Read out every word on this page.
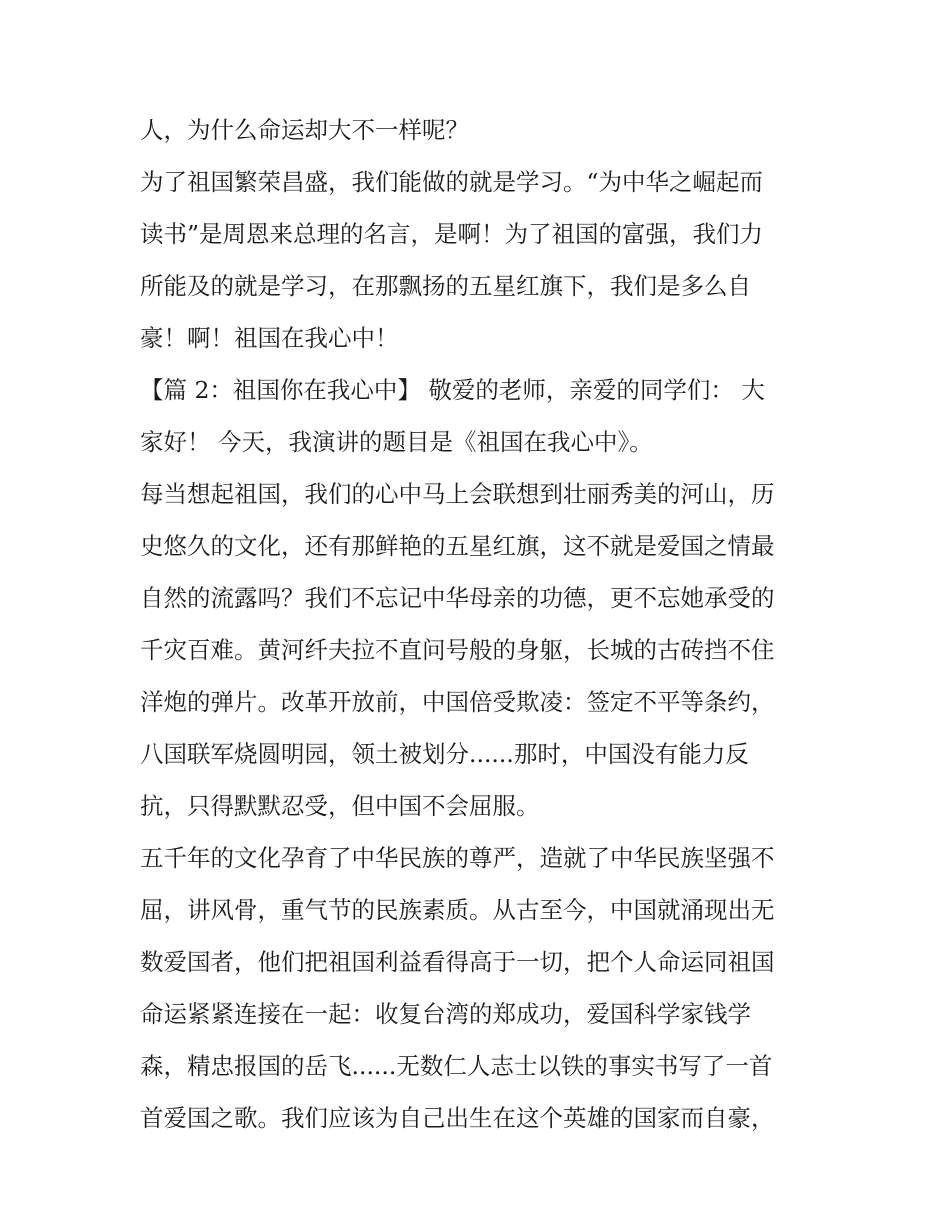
人，为什么命运却大不一样呢？
为了祖国繁荣昌盛，我们能做的就是学习。“为中华之崛起而
读书”是周恩来总理的名言，是啊！为了祖国的富强，我们力
所能及的就是学习，在那飘扬的五星红旗下，我们是多么自
豪！啊！祖国在我心中！
【篇 2：祖国你在我心中】 敬爱的老师，亲爱的同学们： 大
家好！ 今天，我演讲的题目是《祖国在我心中》。
每当想起祖国，我们的心中马上会联想到壮丽秀美的河山，历
史悠久的文化，还有那鲜艳的五星红旗，这不就是爱国之情最
自然的流露吗？我们不忘记中华母亲的功德，更不忘她承受的
千灾百难。黄河纤夫拉不直问号般的身躯，长城的古砖挡不住
洋炮的弹片。改革开放前，中国倍受欺凌：签定不平等条约，
八国联军烧圆明园，领土被划分......那时，中国没有能力反
抗，只得默默忍受，但中国不会屈服。
五千年的文化孕育了中华民族的尊严，造就了中华民族坚强不
屈，讲风骨，重气节的民族素质。从古至今，中国就涌现出无
数爱国者，他们把祖国利益看得高于一切，把个人命运同祖国
命运紧紧连接在一起：收复台湾的郑成功，爱国科学家钱学
森，精忠报国的岳飞......无数仁人志士以铁的事实书写了一首
首爱国之歌。我们应该为自己出生在这个英雄的国家而自豪，
